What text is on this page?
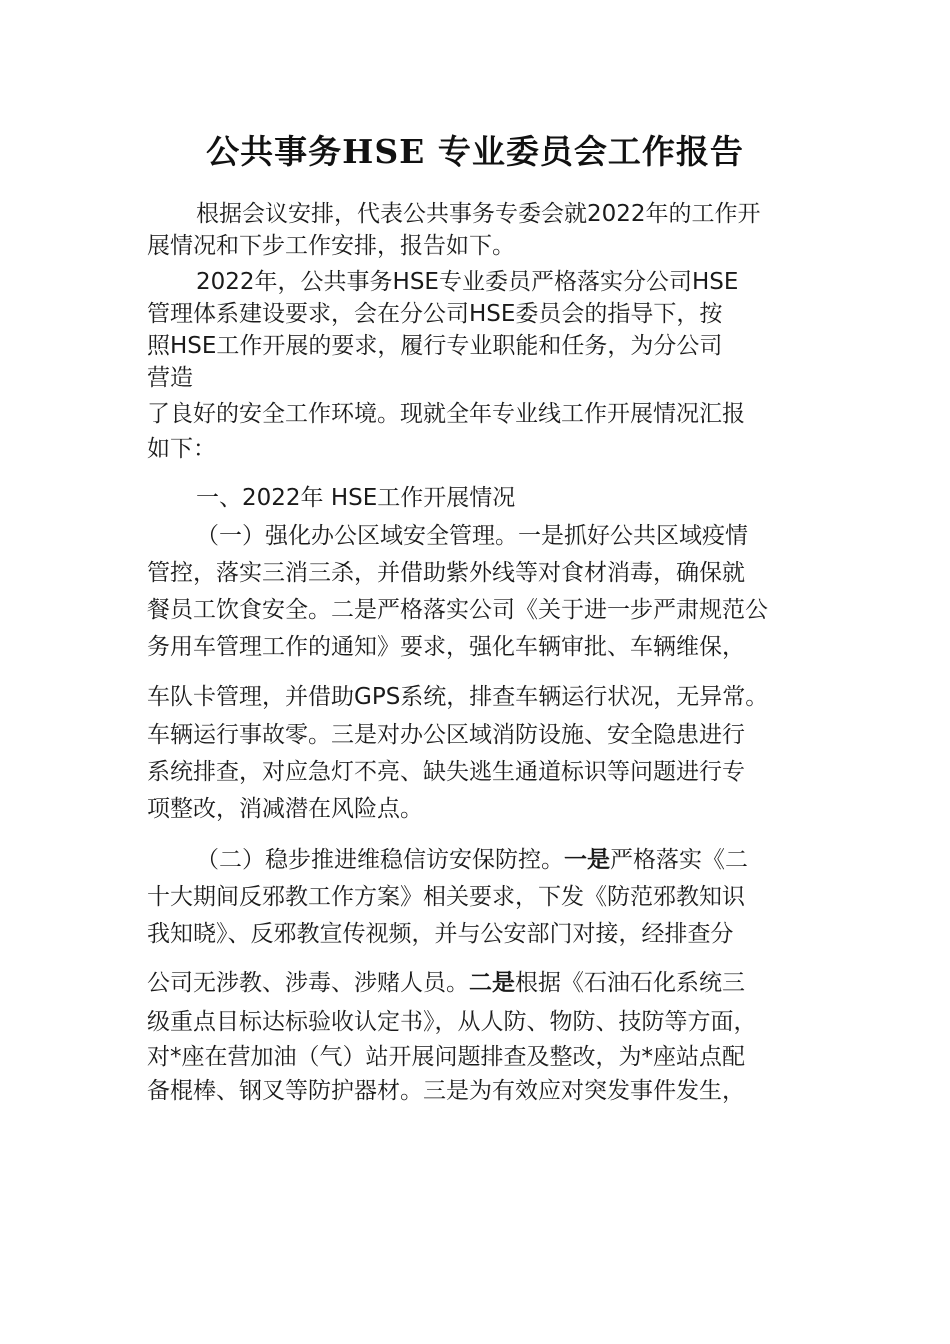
公共事务HSE 专业委员会工作报告
根据会议安排，代表公共事务专委会就2022年的工作开
展情况和下步工作安排，报告如下。
2022年，公共事务HSE专业委员严格落实分公司HSE
管理体系建设要求，会在分公司HSE委员会的指导下，按
照HSE工作开展的要求，履行专业职能和任务，为分公司
营造
了良好的安全工作环境。现就全年专业线工作开展情况汇报
如下：
一、2022年 HSE工作开展情况
（一）强化办公区域安全管理。一是抓好公共区域疫情
管控，落实三消三杀，并借助紫外线等对食材消毒，确保就
餐员工饮食安全。二是严格落实公司《关于进一步严肃规范公
务用车管理工作的通知》要求，强化车辆审批、车辆维保，
车队卡管理，并借助GPS系统，排查车辆运行状况，无异常。
车辆运行事故零。三是对办公区域消防设施、安全隐患进行
系统排查，对应急灯不亮、缺失逃生通道标识等问题进行专
项整改，消减潜在风险点。
（二）稳步推进维稳信访安保防控。一是严格落实《二
十大期间反邪教工作方案》相关要求，下发《防范邪教知识
我知晓》、反邪教宣传视频，并与公安部门对接，经排查分
公司无涉教、涉毒、涉赌人员。二是根据《石油石化系统三
级重点目标达标验收认定书》，从人防、物防、技防等方面，
对*座在营加油（气）站开展问题排查及整改，为*座站点配
备棍棒、钢叉等防护器材。三是为有效应对突发事件发生，
